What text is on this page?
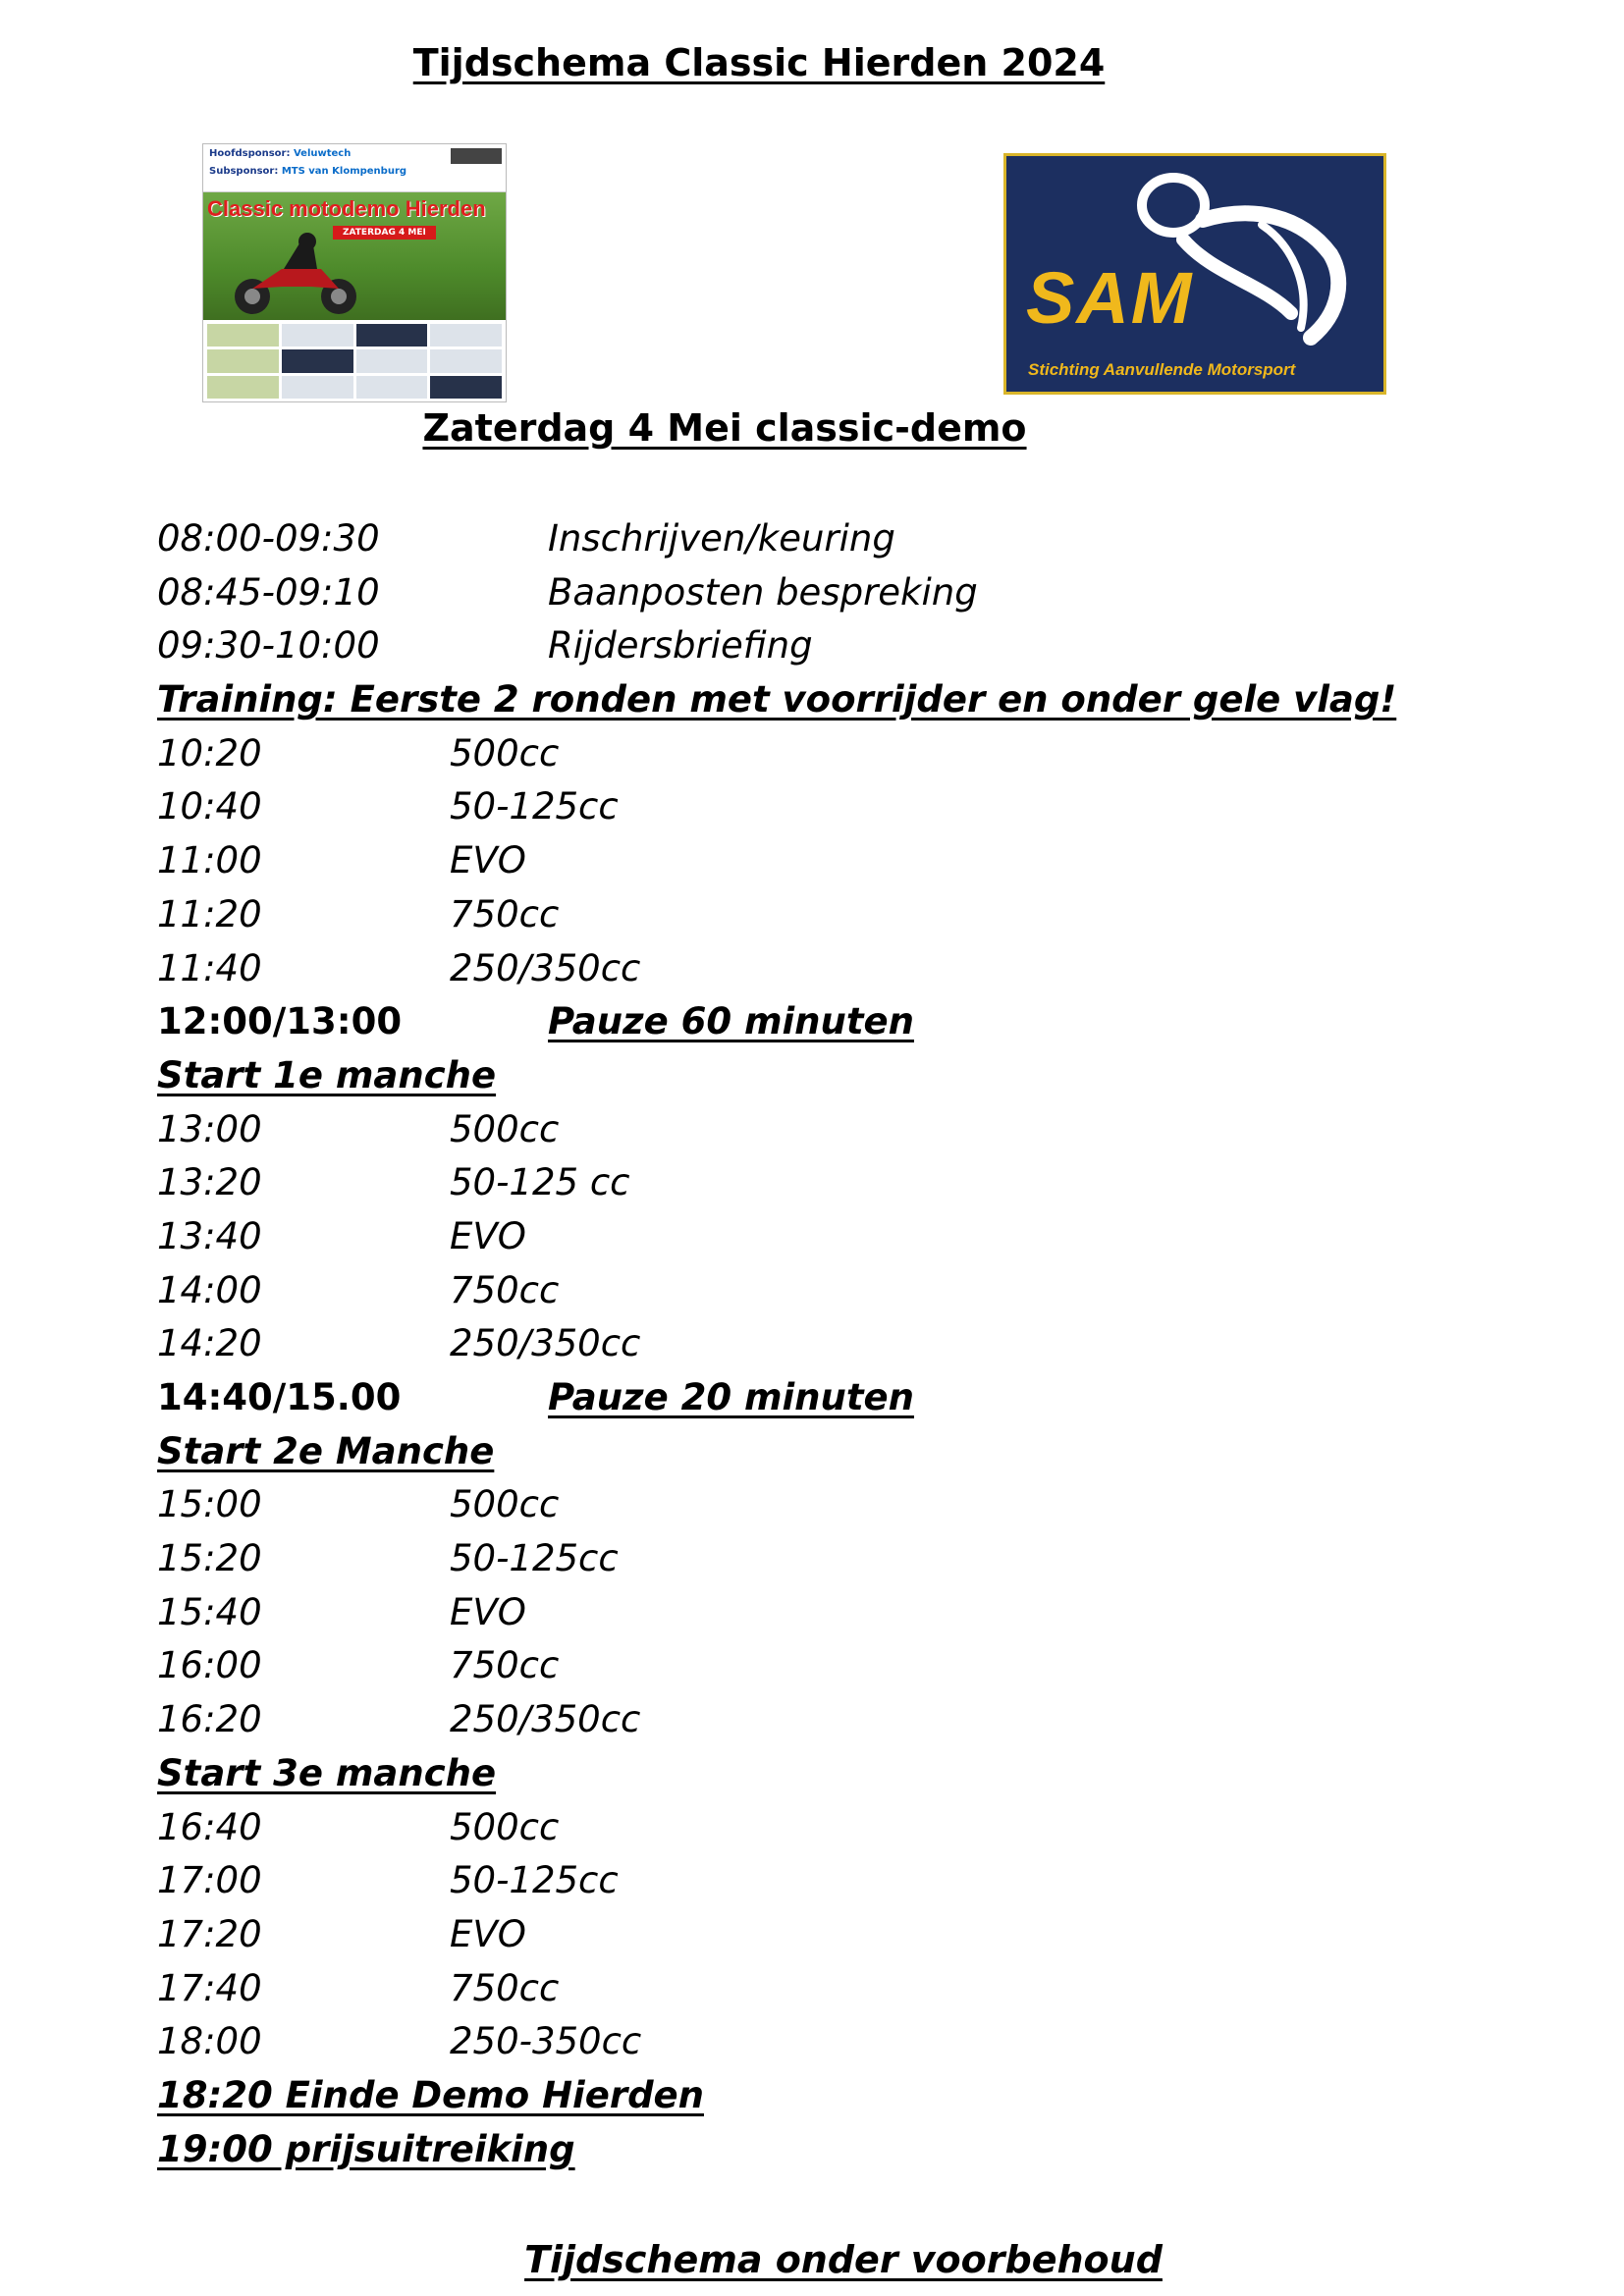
Tijdschema Classic Hierden 2024
Hoofdsponsor: Veluwtech
Subsponsor: MTS van Klompenburg
Classic motodemo Hierden
ZATERDAG 4 MEI
SAM
Stichting Aanvullende Motorsport
Zaterdag 4 Mei classic-demo
08:00-09:30	Inschrijven/keuring
08:45-09:10	Baanposten bespreking
09:30-10:00	Rijdersbriefing
Training: Eerste 2 ronden met voorrijder en onder gele vlag!
10:20	500cc
10:40	50-125cc
11:00	EVO
11:20	750cc
11:40	250/350cc
12:00/13:00	Pauze 60 minuten
Start 1e manche
13:00	500cc
13:20	50-125 cc
13:40	EVO
14:00	750cc
14:20	250/350cc
14:40/15.00	Pauze 20 minuten
Start 2e Manche
15:00	500cc
15:20	50-125cc
15:40	EVO
16:00	750cc
16:20	250/350cc
Start 3e manche
16:40	500cc
17:00	50-125cc
17:20	EVO
17:40	750cc
18:00	250-350cc
18:20 Einde Demo Hierden
19:00 prijsuitreiking
Tijdschema onder voorbehoud
